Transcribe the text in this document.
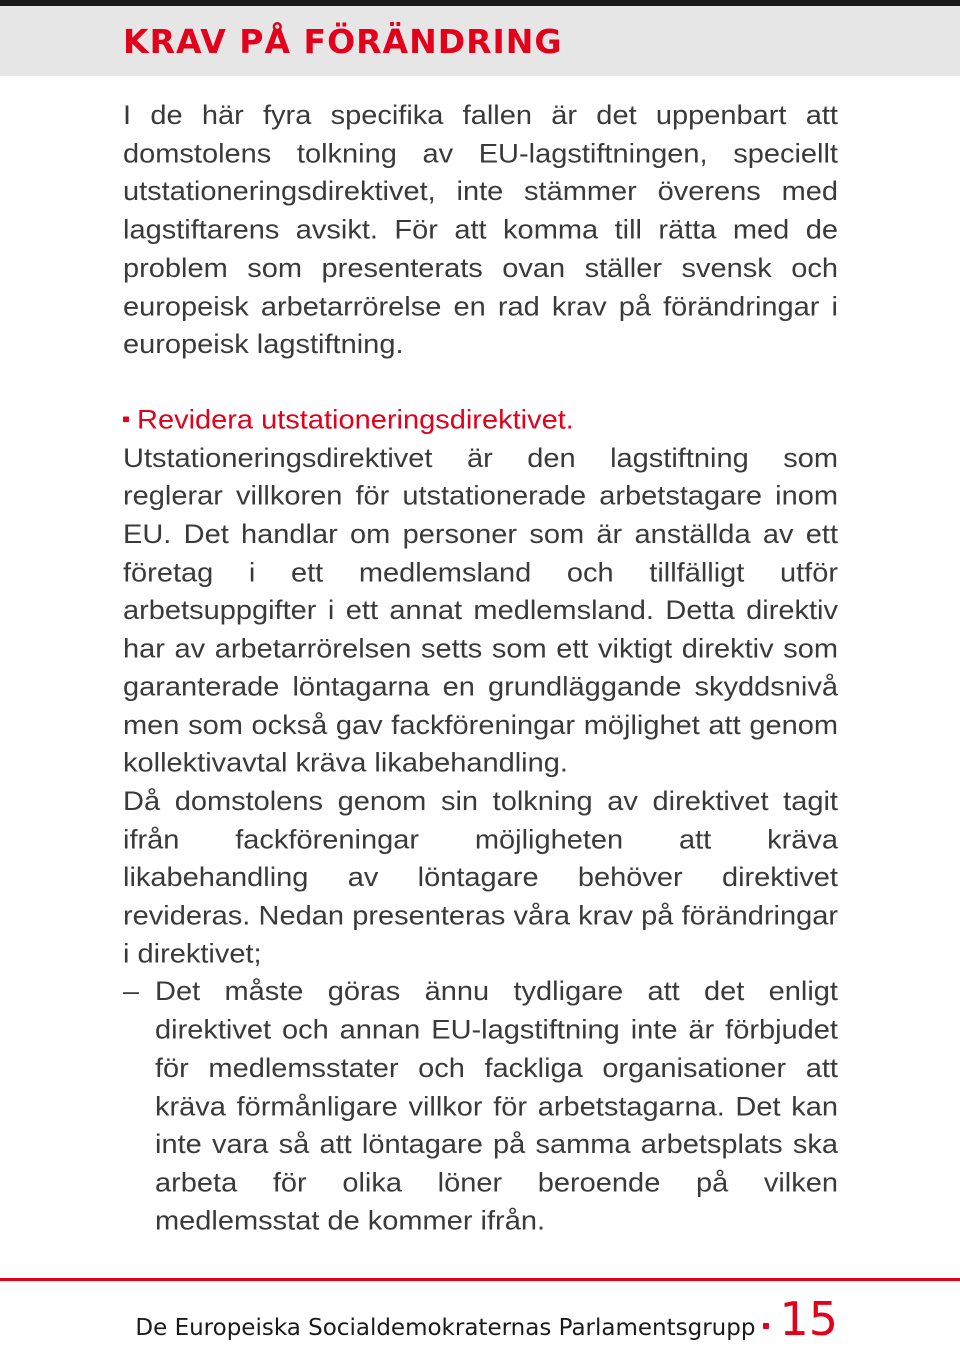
KRAV PÅ FÖRÄNDRING

I de här fyra specifika fallen är det uppenbart att domstolens tolkning av EU-lagstiftningen, speciellt utstationeringsdirektivet, inte stämmer överens med lagstiftarens avsikt. För att komma till rätta med de problem som presenterats ovan ställer svensk och europeisk arbetarrörelse en rad krav på förändringar i europeisk lagstiftning.

Revidera utstationeringsdirektivet.

Utstationeringsdirektivet är den lagstiftning som reglerar villkoren för utstationerade arbetstagare inom EU. Det handlar om personer som är anställda av ett företag i ett medlemsland och tillfälligt utför arbetsuppgifter i ett annat medlemsland. Detta direktiv har av arbetarrörelsen setts som ett viktigt direktiv som garanterade löntagarna en grundläggande skyddsnivå men som också gav fackföreningar möjlighet att genom kollektivavtal kräva likabehandling.

Då domstolens genom sin tolkning av direktivet tagit ifrån fackföreningar möjligheten att kräva likabehandling av löntagare behöver direktivet revideras. Nedan presenteras våra krav på förändringar i direktivet;

– Det måste göras ännu tydligare att det enligt direktivet och annan EU-lagstiftning inte är förbjudet för medlemsstater och fackliga organisationer att kräva förmånligare villkor för arbetstagarna. Det kan inte vara så att löntagare på samma arbetsplats ska arbeta för olika löner beroende på vilken medlemsstat de kommer ifrån.
De Europeiska Socialdemokraternas Parlamentsgrupp 15
